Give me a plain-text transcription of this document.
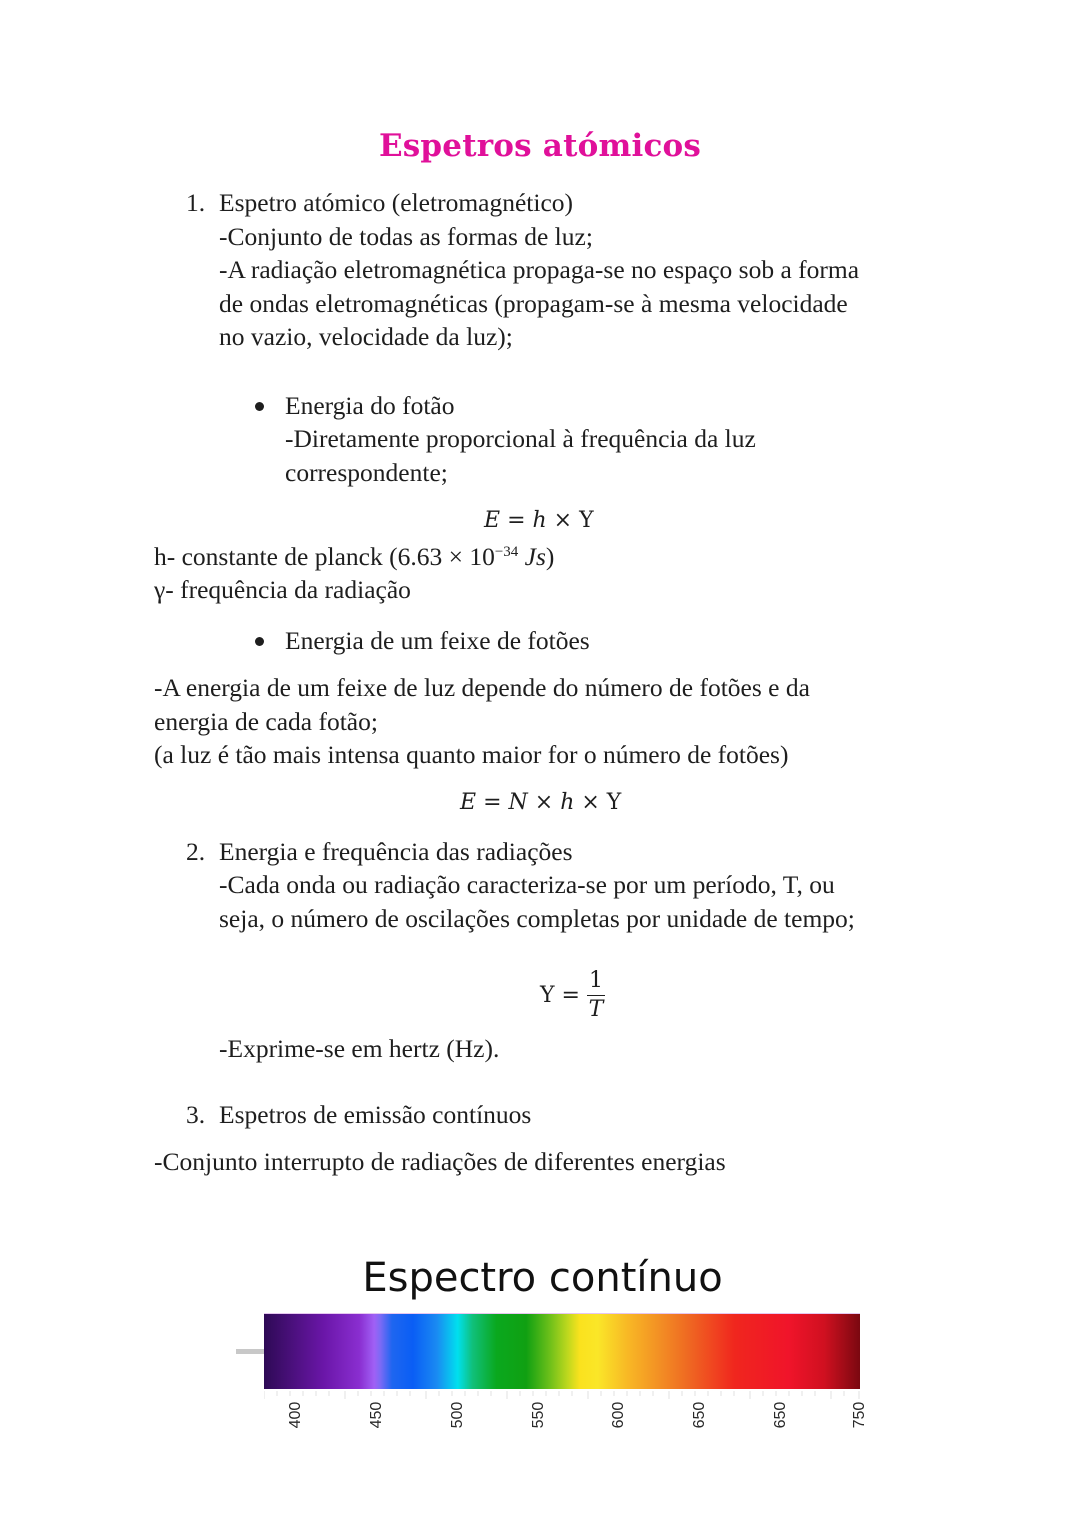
Espetros atómicos
1. Espetro atómico (eletromagnético)
-Conjunto de todas as formas de luz;
-A radiação eletromagnética propaga-se no espaço sob a forma
de ondas eletromagnéticas (propagam-se à mesma velocidade
no vazio, velocidade da luz);
Energia do fotão
-Diretamente proporcional à frequência da luz
correspondente;
E = h × Υ
h- constante de planck ($6.63 \times 10^{-34}$ Js)
γ- frequência da radiação
Energia de um feixe de fotões
-A energia de um feixe de luz depende do número de fotões e da
energia de cada fotão;
(a luz é tão mais intensa quanto maior for o número de fotões)
E = N × h × Υ
2. Energia e frequência das radiações
-Cada onda ou radiação caracteriza-se por um período, T, ou
seja, o número de oscilações completas por unidade de tempo;
$\Upsilon = \frac{1}{T}$
-Exprime-se em hertz (Hz).
3. Espetros de emissão contínuos
-Conjunto interrupto de radiações de diferentes energias
Espectro contínuo
400	450	500	550	600	650	650	750
